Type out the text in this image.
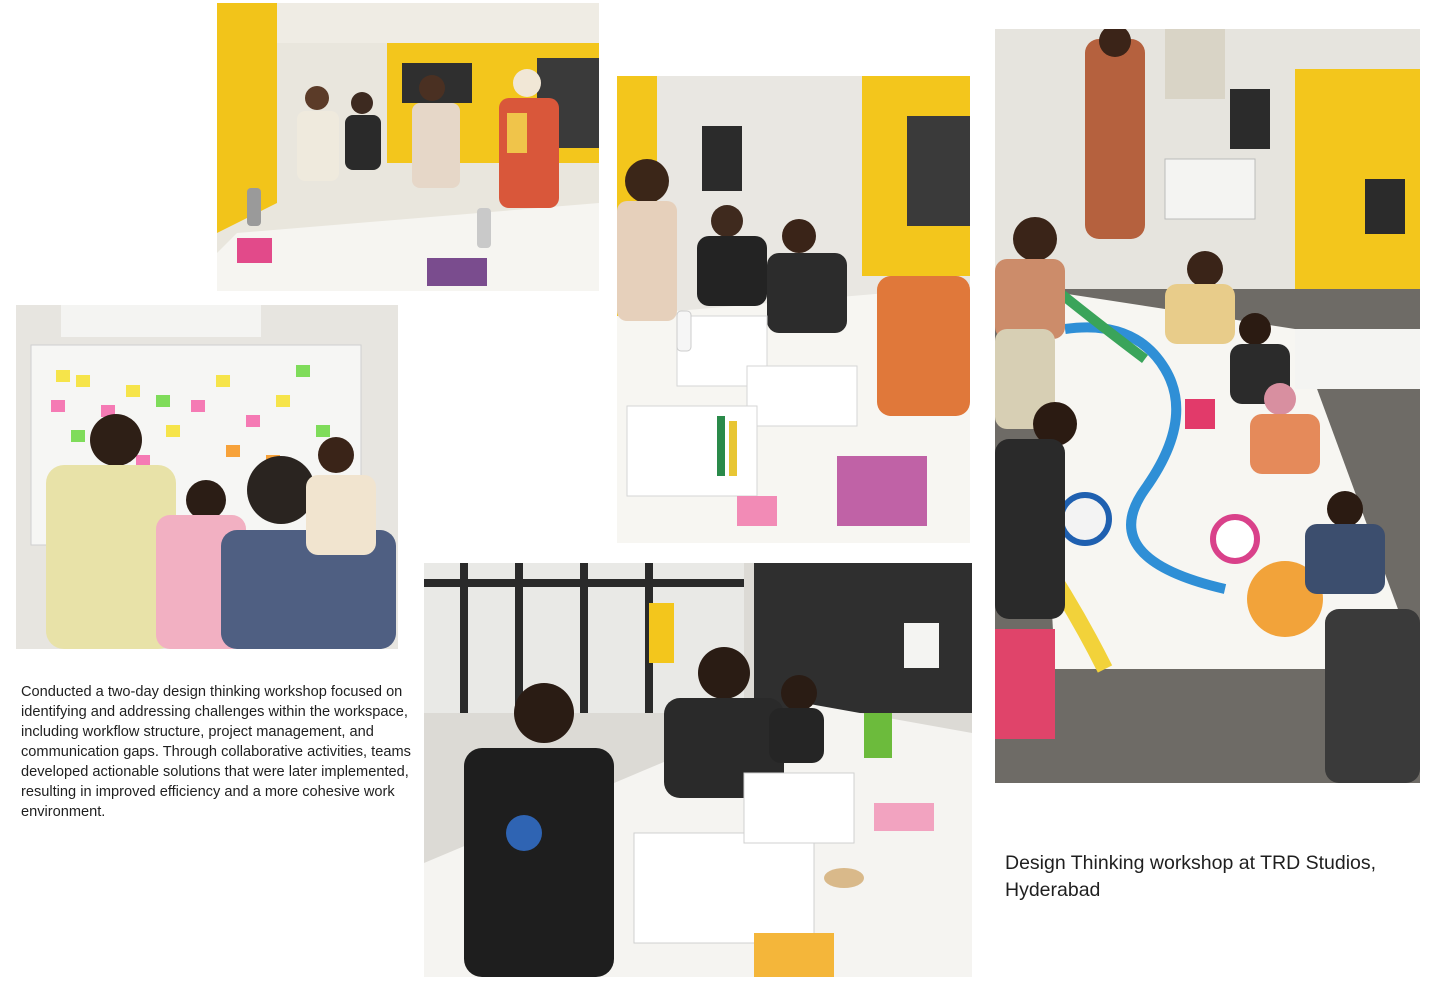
Conducted a two-day design thinking workshop focused on identifying and addressing challenges within the workspace, including workflow structure, project management, and communication gaps. Through collaborative activities, teams developed actionable solutions that were later implemented, resulting in improved efficiency and a more cohesive work environment.

Design Thinking workshop at TRD Studios, Hyderabad
